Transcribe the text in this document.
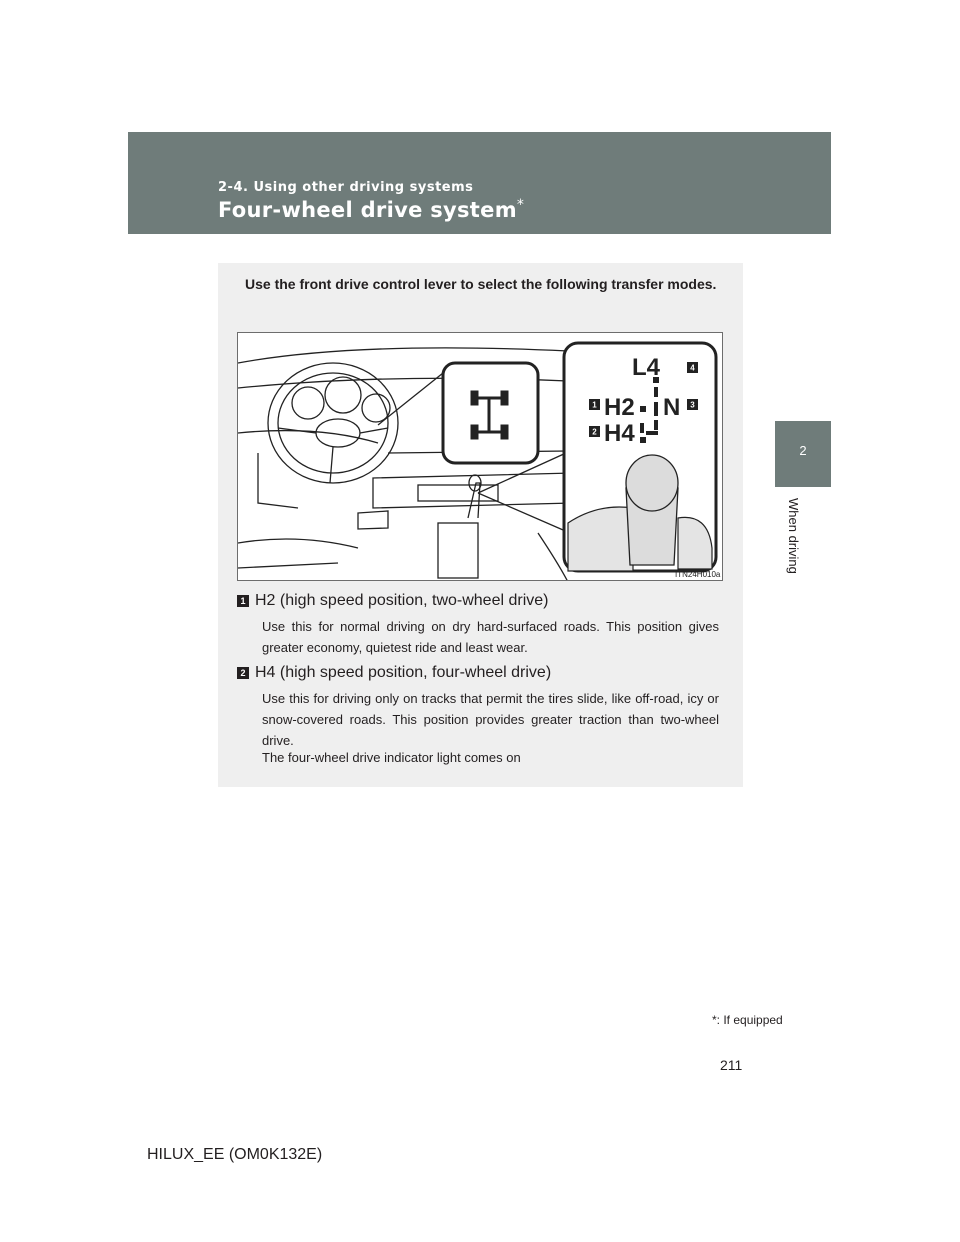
2-4. Using other driving systems
Four-wheel drive system*
2
When driving
Use the front drive control lever to select the following transfer modes.
L4
H2 N
H4
1
2
3
4
ITN24H010a
1 H2 (high speed position, two-wheel drive)
Use this for normal driving on dry hard-surfaced roads. This position gives greater economy, quietest ride and least wear.
2 H4 (high speed position, four-wheel drive)
Use this for driving only on tracks that permit the tires slide, like off-road, icy or snow-covered roads. This position provides greater traction than two-wheel drive.
The four-wheel drive indicator light comes on
*: If equipped
211
HILUX_EE (OM0K132E)
